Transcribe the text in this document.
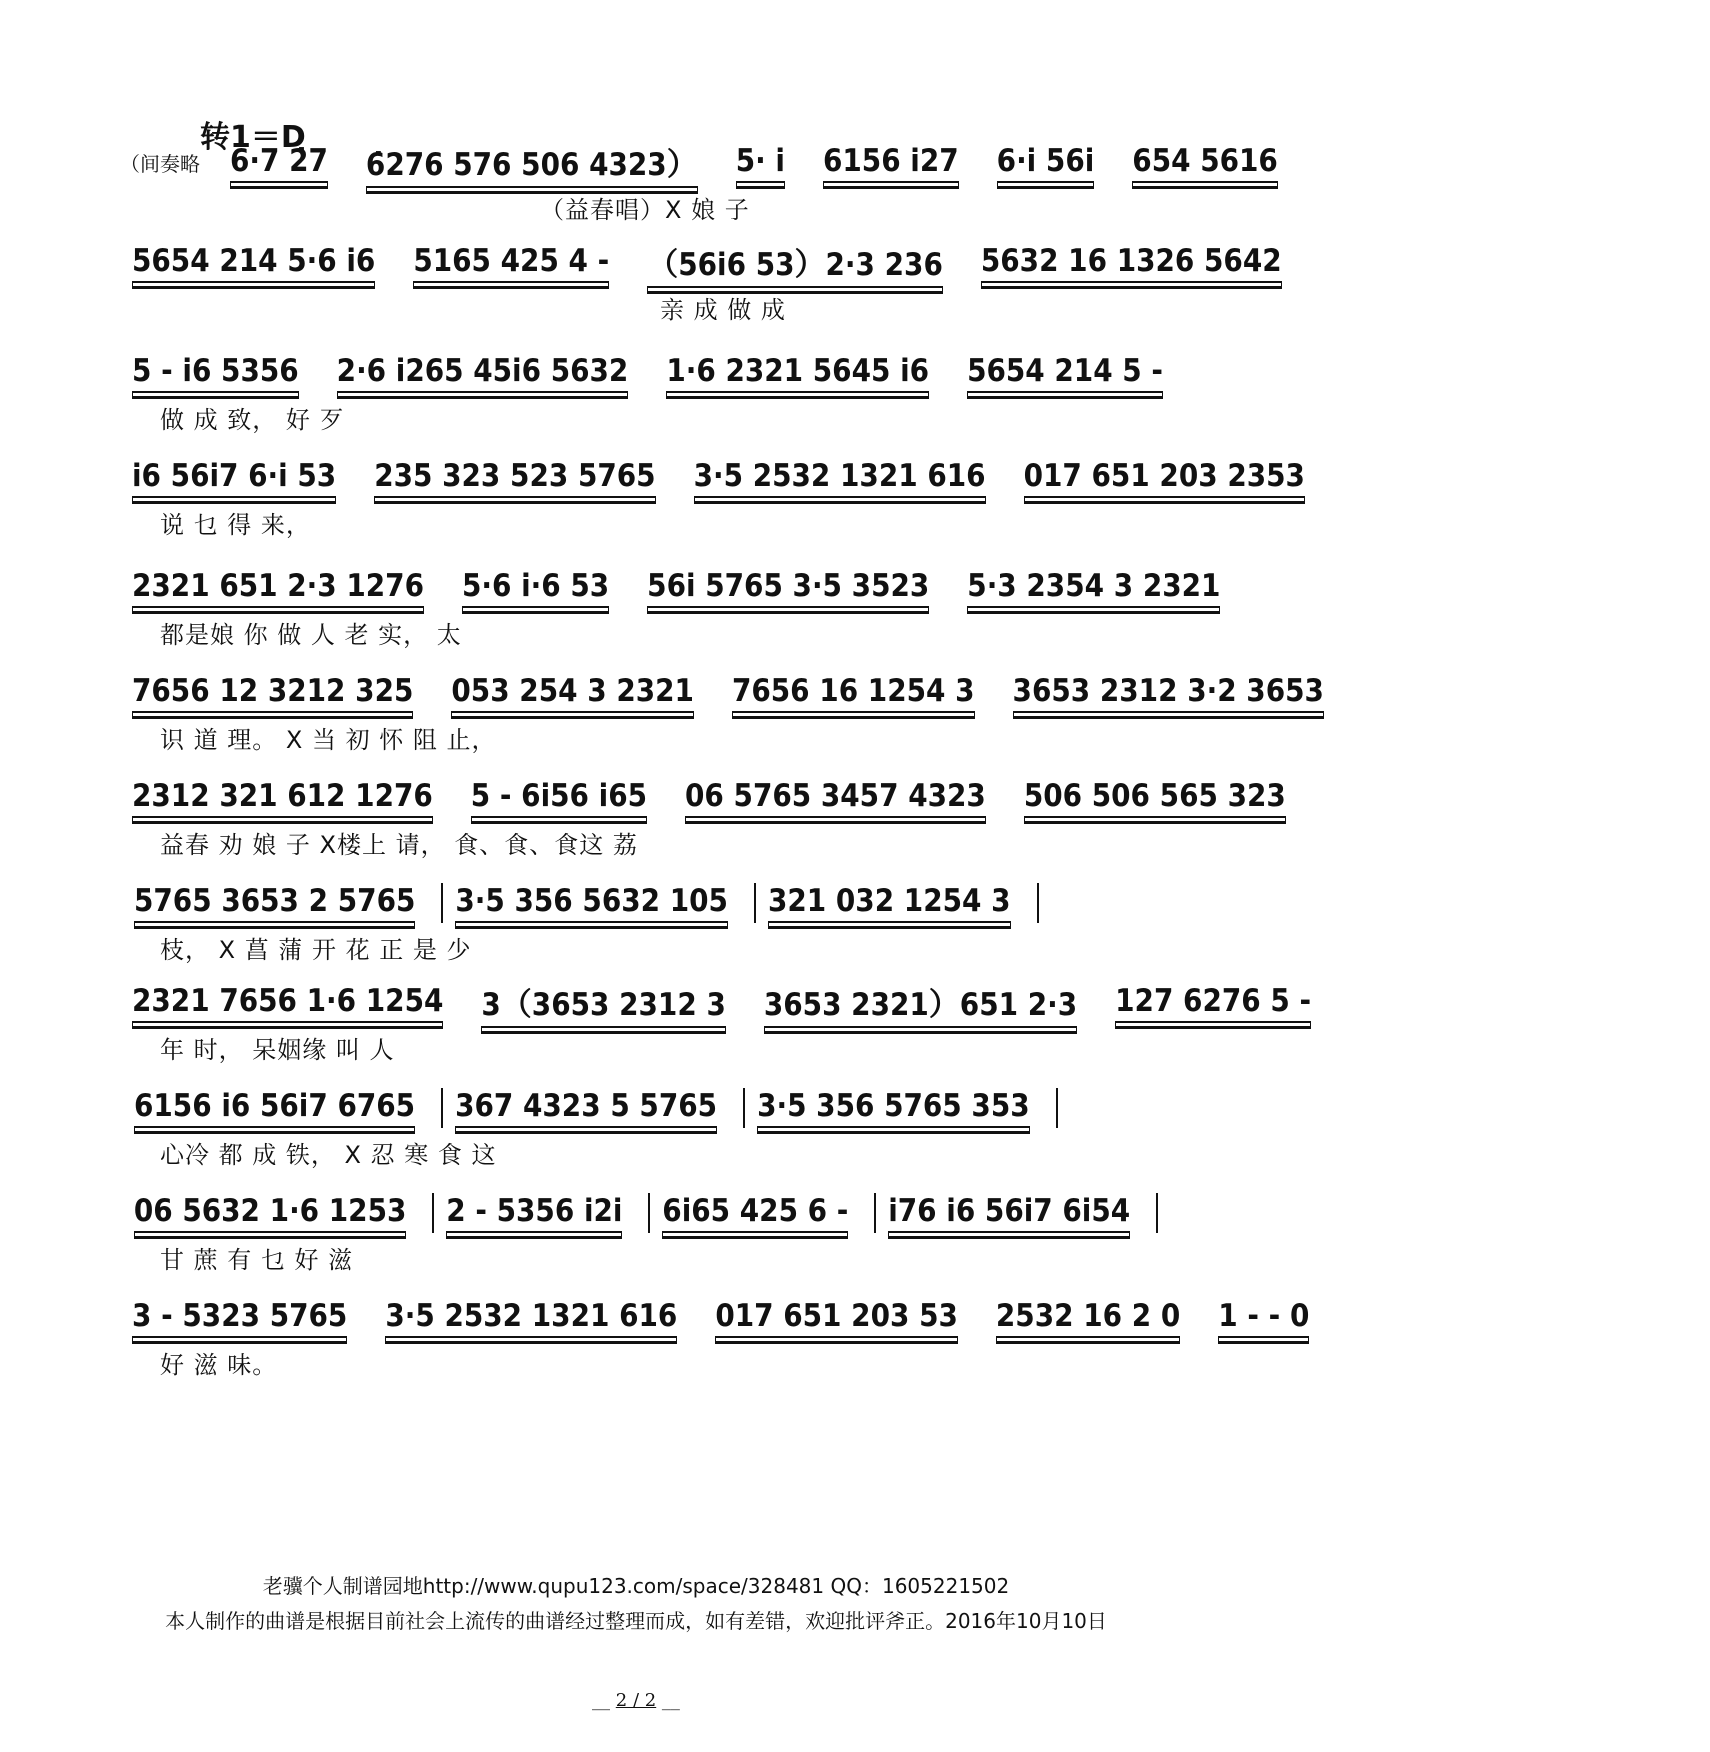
转1＝D
（间奏略 6·7 2̇7 6̇276 576 506 4323） 5· i 6156 i27 6·i 56i 654 5616
（益春唱）X 娘 子
5654 214 5·6 i6 5165 425 4 - （56i6 53）2·3 236 5632 16 1326 5642
亲 成 做 成
5 - i6 5356 2·6 i265 45i6 5632 1·6 2321 5645 i6 5654 214 5 -
做 成 致， 好 歹
i6 56i7 6·i 53 235 323 523 5765 3·5 2532 1321 616 017 651 203 2353
说 乜 得 来，
2321 651 2·3 1276 5·6 i·6 53 56i 5765 3·5 3523 5·3 2354 3 2321
都是娘 你 做 人 老 实， 太
7656 12 3212 325 053 254 3 2321 7656 16 1254 3 3653 2312 3·2 3653
识 道 理。 X 当 初 怀 阻 止，
2312 321 612 1276 5 - 6i56 i65 06 5765 3457 4323 506 506 565 323
益春 劝 娘 子 X楼上 请， 食、食、食这 荔
5765 3653 2 5765 3·5 356 5632 105 321 032 1254 3
枝， X 菖 蒲 开 花 正 是 少
2321 7656 1·6 1254 3（3653 2312 3 3653 2321）651 2·3 127 6276 5 -
年 时， 呆姻缘 叫 人
6156 i6 56i7 6765 367 4323 5 5765 3·5 356 5765 353
心冷 都 成 铁， X 忍 寒 食 这
06 5632 1·6 1253 2 - 5356 i2i 6i65 425 6 - i76 i6 56i7 6i54
甘 蔗 有 乜 好 滋
3 - 5323 5765 3·5 2532 1321 616 017 651 203 53 2532 16 2 0 1 - - 0
好 滋 味。
老骥个人制谱园地http://www.qupu123.com/space/328481 QQ：1605221502
本人制作的曲谱是根据目前社会上流传的曲谱经过整理而成，如有差错，欢迎批评斧正。2016年10月10日
__ 2 / 2 __
